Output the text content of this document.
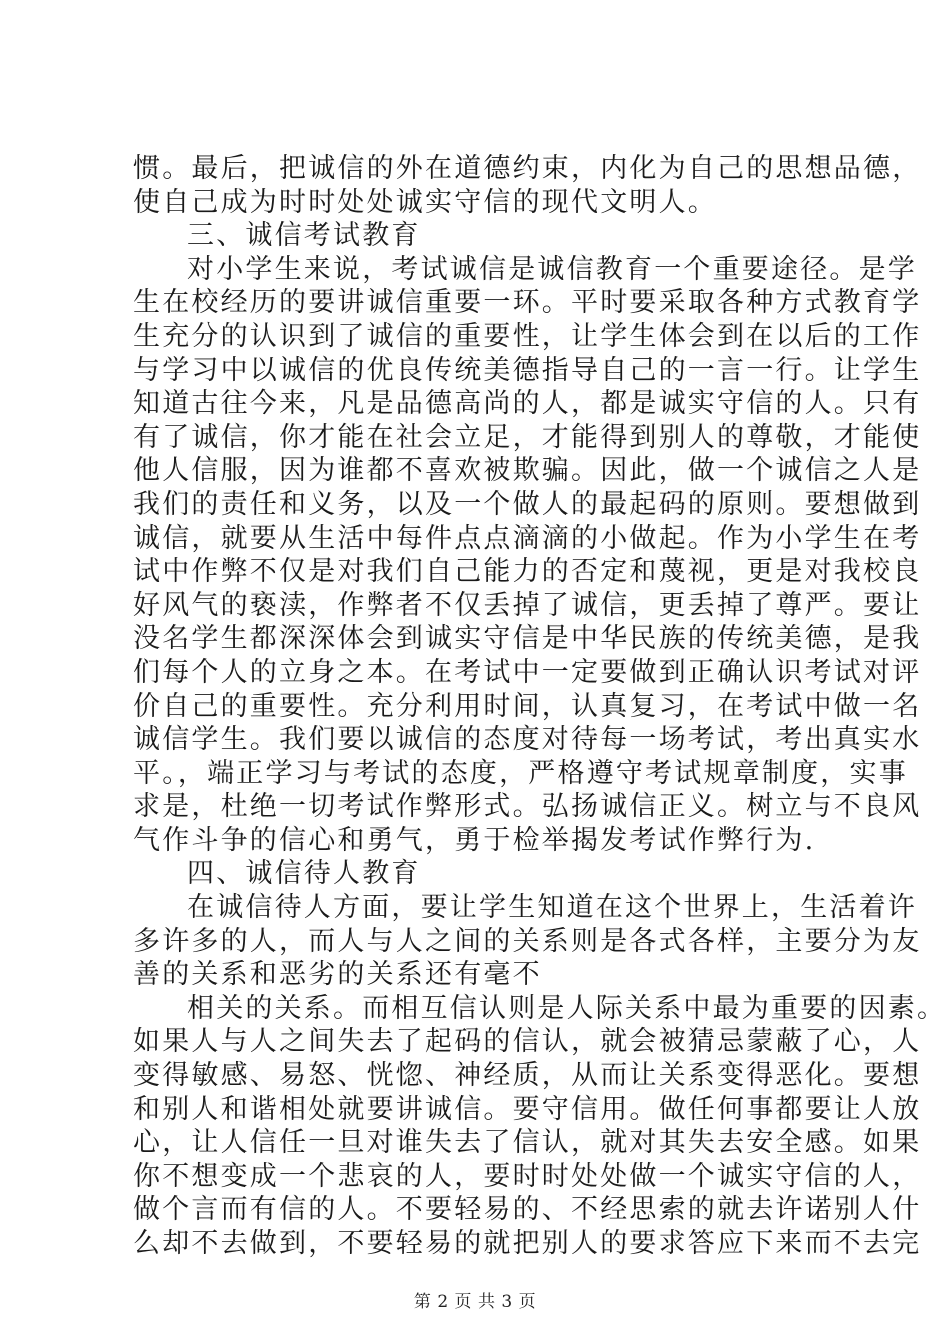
惯。最后，把诚信的外在道德约束，内化为自己的思想品德，
使自己成为时时处处诚实守信的现代文明人。
三、诚信考试教育
对小学生来说，考试诚信是诚信教育一个重要途径。是学
生在校经历的要讲诚信重要一环。平时要采取各种方式教育学
生充分的认识到了诚信的重要性，让学生体会到在以后的工作
与学习中以诚信的优良传统美德指导自己的一言一行。让学生
知道古往今来，凡是品德高尚的人，都是诚实守信的人。只有
有了诚信，你才能在社会立足，才能得到别人的尊敬，才能使
他人信服，因为谁都不喜欢被欺骗。因此，做一个诚信之人是
我们的责任和义务，以及一个做人的最起码的原则。要想做到
诚信，就要从生活中每件点点滴滴的小做起。作为小学生在考
试中作弊不仅是对我们自己能力的否定和蔑视，更是对我校良
好风气的亵渎，作弊者不仅丢掉了诚信，更丢掉了尊严。要让
没名学生都深深体会到诚实守信是中华民族的传统美德，是我
们每个人的立身之本。在考试中一定要做到正确认识考试对评
价自己的重要性。充分利用时间，认真复习，在考试中做一名
诚信学生。我们要以诚信的态度对待每一场考试，考出真实水
平。，端正学习与考试的态度，严格遵守考试规章制度，实事
求是，杜绝一切考试作弊形式。弘扬诚信正义。树立与不良风
气作斗争的信心和勇气，勇于检举揭发考试作弊行为.
四、诚信待人教育
在诚信待人方面，要让学生知道在这个世界上，生活着许
多许多的人，而人与人之间的关系则是各式各样，主要分为友
善的关系和恶劣的关系还有毫不
相关的关系。而相互信认则是人际关系中最为重要的因素。
如果人与人之间失去了起码的信认，就会被猜忌蒙蔽了心，人
变得敏感、易怒、恍惚、神经质，从而让关系变得恶化。要想
和别人和谐相处就要讲诚信。要守信用。做任何事都要让人放
心，让人信任一旦对谁失去了信认，就对其失去安全感。如果
你不想变成一个悲哀的人，要时时处处做一个诚实守信的人，
做个言而有信的人。不要轻易的、不经思索的就去许诺别人什
么却不去做到，不要轻易的就把别人的要求答应下来而不去完
第 2 页 共 3 页
